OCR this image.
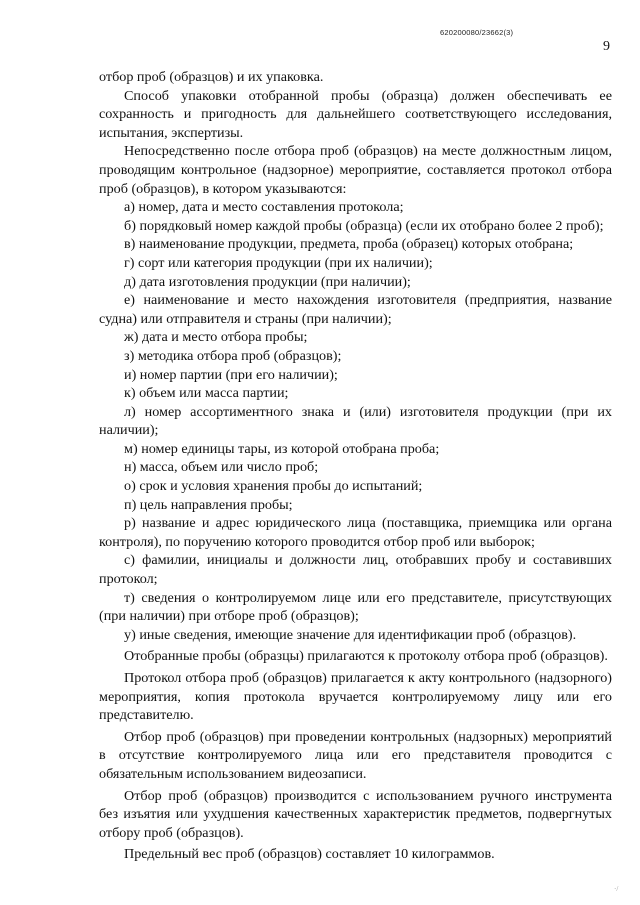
620200080/23662(3)
9

отбор проб (образцов) и их упаковка.

Способ упаковки отобранной пробы (образца) должен обеспечивать ее сохранность и пригодность для дальнейшего соответствующего исследования, испытания, экспертизы.

Непосредственно после отбора проб (образцов) на месте должностным лицом, проводящим контрольное (надзорное) мероприятие, составляется протокол отбора проб (образцов), в котором указываются:

а) номер, дата и место составления протокола;

б) порядковый номер каждой пробы (образца) (если их отобрано более 2 проб);

в) наименование продукции, предмета, проба (образец) которых отобрана;

г) сорт или категория продукции (при их наличии);

д) дата изготовления продукции (при наличии);

е) наименование и место нахождения изготовителя (предприятия, название судна) или отправителя и страны (при наличии);

ж) дата и место отбора пробы;

з) методика отбора проб (образцов);

и) номер партии (при его наличии);

к) объем или масса партии;

л) номер ассортиментного знака и (или) изготовителя продукции (при их наличии);

м) номер единицы тары, из которой отобрана проба;

н) масса, объем или число проб;

о) срок и условия хранения пробы до испытаний;

п) цель направления пробы;

р) название и адрес юридического лица (поставщика, приемщика или органа контроля), по поручению которого проводится отбор проб или выборок;

с) фамилии, инициалы и должности лиц, отобравших пробу и составивших протокол;

т) сведения о контролируемом лице или его представителе, присутствующих (при наличии) при отборе проб (образцов);

у) иные сведения, имеющие значение для идентификации проб (образцов).

Отобранные пробы (образцы) прилагаются к протоколу отбора проб (образцов).

Протокол отбора проб (образцов) прилагается к акту контрольного (надзорного) мероприятия, копия протокола вручается контролируемому лицу или его представителю.

Отбор проб (образцов) при проведении контрольных (надзорных) мероприятий в отсутствие контролируемого лица или его представителя проводится с обязательным использованием видеозаписи.

Отбор проб (образцов) производится с использованием ручного инструмента без изъятия или ухудшения качественных характеристик предметов, подвергнутых отбору проб (образцов).

Предельный вес проб (образцов) составляет 10 килограммов.

·/
